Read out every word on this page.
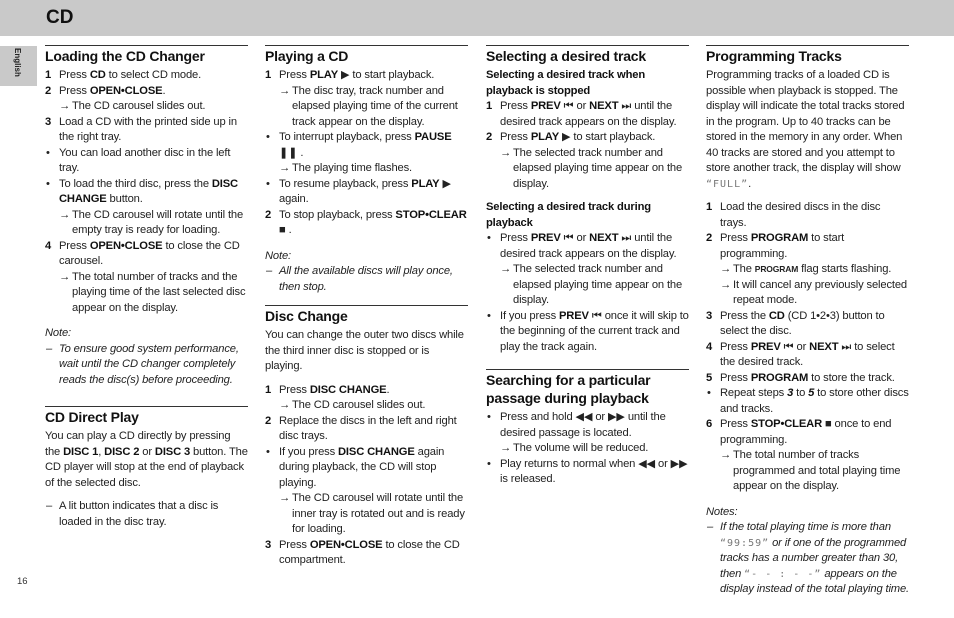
CD
English
16
Loading the CD Changer
1 Press CD to select CD mode.
2 Press OPEN•CLOSE.
→ The CD carousel slides out.
3 Load a CD with the printed side up in the right tray.
• You can load another disc in the left tray.
• To load the third disc, press the DISC CHANGE button.
→ The CD carousel will rotate until the empty tray is ready for loading.
4 Press OPEN•CLOSE to close the CD carousel.
→ The total number of tracks and the playing time of the last selected disc appear on the display.
Note:
– To ensure good system performance, wait until the CD changer completely reads the disc(s) before proceeding.
CD Direct Play

You can play a CD directly by pressing the DISC 1, DISC 2 or DISC 3 button. The CD player will stop at the end of playback of the selected disc.

– A lit button indicates that a disc is loaded in the disc tray.
Playing a CD
1 Press PLAY ▶ to start playback.
→ The disc tray, track number and elapsed playing time of the current track appear on the display.
• To interrupt playback, press PAUSE ❚❚ .
→ The playing time flashes.
• To resume playback, press PLAY ▶ again.
2 To stop playback, press STOP•CLEAR ■ .
Note:
– All the available discs will play once, then stop.
Disc Change

You can change the outer two discs while the third inner disc is stopped or is playing.

1 Press DISC CHANGE.
→ The CD carousel slides out.
2 Replace the discs in the left and right disc trays.
• If you press DISC CHANGE again during playback, the CD will stop playing.
→ The CD carousel will rotate until the inner tray is rotated out and is ready for loading.
3 Press OPEN•CLOSE to close the CD compartment.
Selecting a desired track
Selecting a desired track when playback is stopped
1 Press PREV ⏮ or NEXT ⏭ until the desired track appears on the display.
2 Press PLAY ▶ to start playback.
→ The selected track number and elapsed playing time appear on the display.
Selecting a desired track during playback
• Press PREV ⏮ or NEXT ⏭ until the desired track appears on the display.
→ The selected track number and elapsed playing time appear on the display.
• If you press PREV ⏮ once it will skip to the beginning of the current track and play the track again.
Searching for a particular passage during playback
• Press and hold ◀◀ or ▶▶ until the desired passage is located.
→ The volume will be reduced.
• Play returns to normal when ◀◀ or ▶▶ is released.
Programming Tracks

Programming tracks of a loaded CD is possible when playback is stopped. The display will indicate the total tracks stored in the program. Up to 40 tracks can be stored in the memory in any order. When 40 tracks are stored and you attempt to store another track, the display will show “FULL”.

1 Load the desired discs in the disc trays.
2 Press PROGRAM to start programming.
→ The PROGRAM flag starts flashing.
→ It will cancel any previously selected repeat mode.
3 Press the CD (CD 1•2•3) button to select the disc.
4 Press PREV ⏮ or NEXT ⏭ to select the desired track.
5 Press PROGRAM to store the track.
• Repeat steps 3 to 5 to store other discs and tracks.
6 Press STOP•CLEAR ■ once to end programming.
→ The total number of tracks programmed and total playing time appear on the display.
Notes:
– If the total playing time is more than “99:59” or if one of the programmed tracks has a number greater than 30, then “- - : - -” appears on the display instead of the total playing time.
